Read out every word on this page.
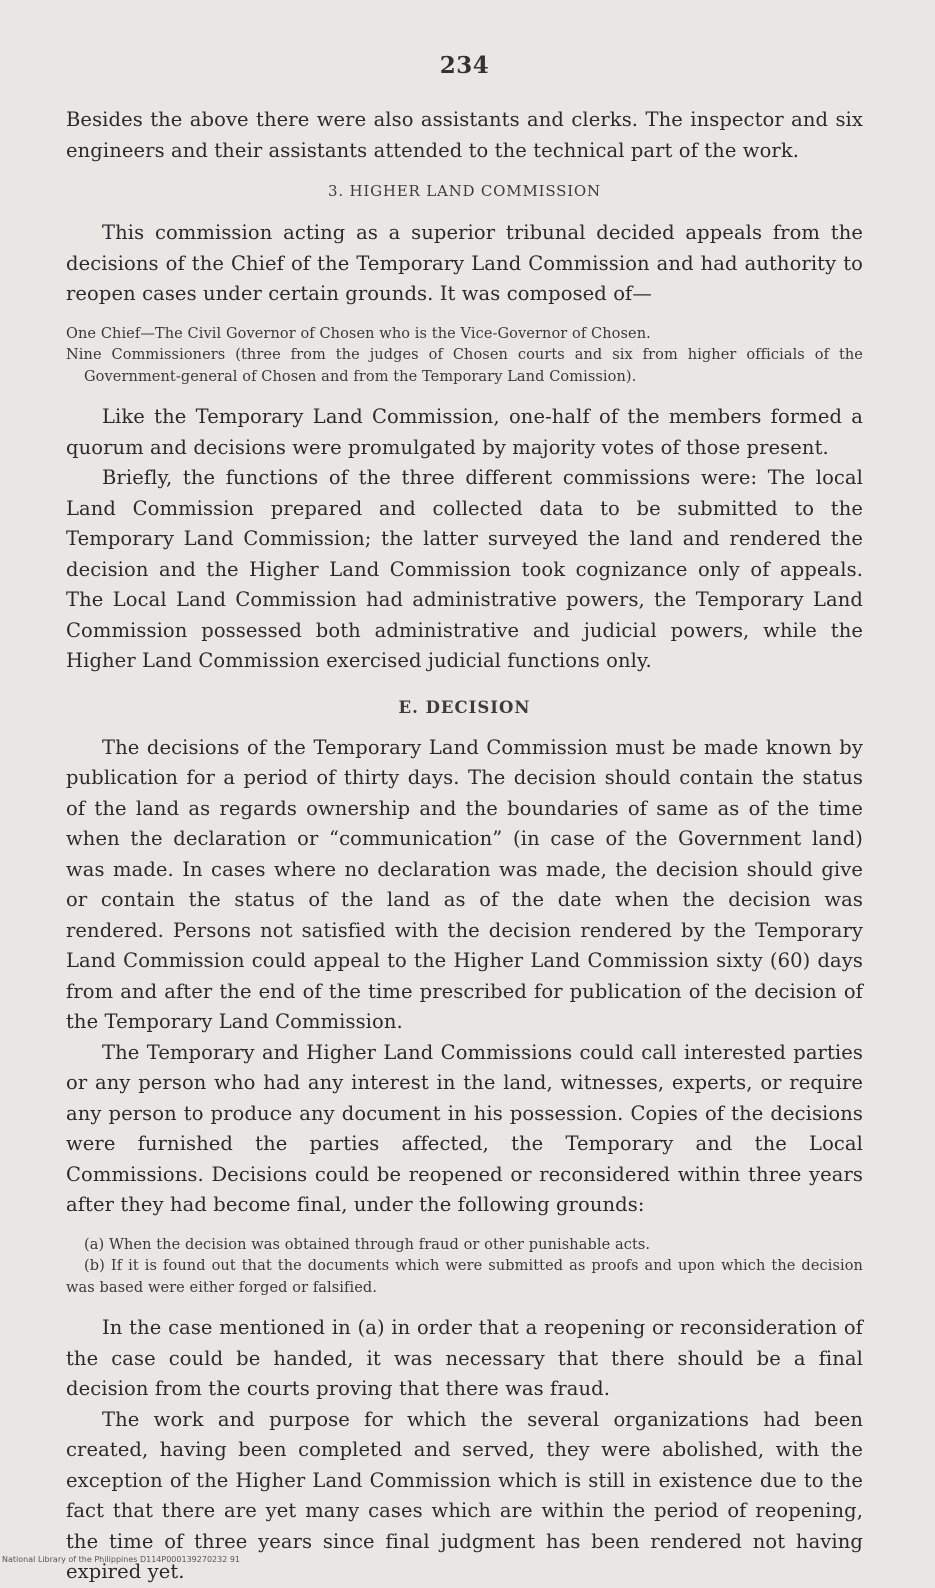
234

Besides the above there were also assistants and clerks. The inspector and six engineers and their assistants attended to the technical part of the work.

3. HIGHER LAND COMMISSION

This commission acting as a superior tribunal decided appeals from the decisions of the Chief of the Temporary Land Commission and had authority to reopen cases under certain grounds. It was composed of—

One Chief—The Civil Governor of Chosen who is the Vice-Governor of Chosen.

Nine Commissioners (three from the judges of Chosen courts and six from higher officials of the Government-general of Chosen and from the Temporary Land Comission).

Like the Temporary Land Commission, one-half of the members formed a quorum and decisions were promulgated by majority votes of those present.

Briefly, the functions of the three different commissions were: The local Land Commission prepared and collected data to be submitted to the Temporary Land Commission; the latter surveyed the land and rendered the decision and the Higher Land Commission took cognizance only of appeals. The Local Land Commission had administrative powers, the Temporary Land Commission possessed both administrative and judicial powers, while the Higher Land Commission exercised judicial functions only.

E. DECISION

The decisions of the Temporary Land Commission must be made known by publication for a period of thirty days. The decision should contain the status of the land as regards ownership and the boundaries of same as of the time when the declaration or “communication” (in case of the Government land) was made. In cases where no declaration was made, the decision should give or contain the status of the land as of the date when the decision was rendered. Persons not satisfied with the decision rendered by the Temporary Land Commission could appeal to the Higher Land Commission sixty (60) days from and after the end of the time prescribed for publication of the decision of the Temporary Land Commission.

The Temporary and Higher Land Commissions could call interested parties or any person who had any interest in the land, witnesses, experts, or require any person to produce any document in his possession. Copies of the decisions were furnished the parties affected, the Temporary and the Local Commissions. Decisions could be reopened or reconsidered within three years after they had become final, under the following grounds:

(a) When the decision was obtained through fraud or other punishable acts.

(b) If it is found out that the documents which were submitted as proofs and upon which the decision was based were either forged or falsified.

In the case mentioned in (a) in order that a reopening or reconsideration of the case could be handed, it was necessary that there should be a final decision from the courts proving that there was fraud.

The work and purpose for which the several organizations had been created, having been completed and served, they were abolished, with the exception of the Higher Land Commission which is still in existence due to the fact that there are yet many cases which are within the period of reopening, the time of three years since final judgment has been rendered not having expired yet.

National Library of the Philippines D114P000139270232 91
